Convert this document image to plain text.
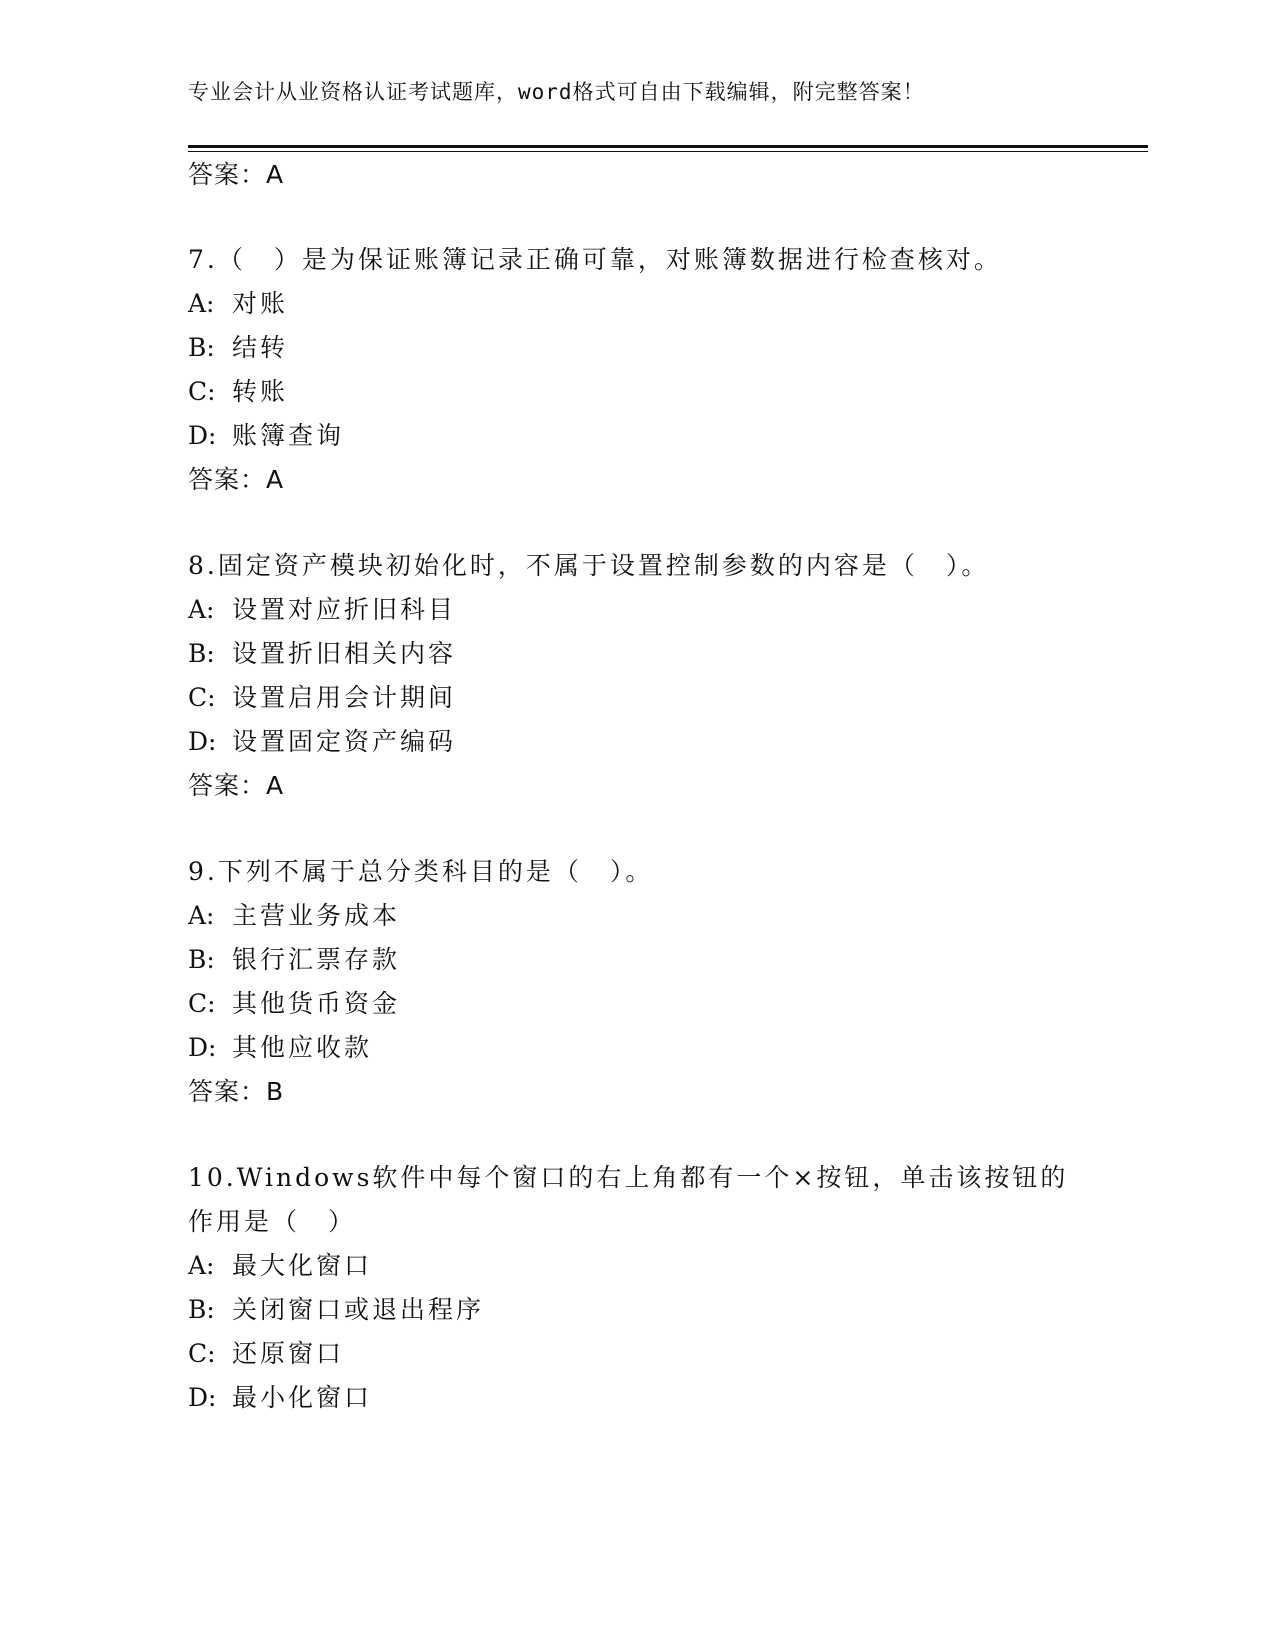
专业会计从业资格认证考试题库，word格式可自由下载编辑，附完整答案！
答案：A
7.（　）是为保证账簿记录正确可靠，对账簿数据进行检查核对。
A: 对账
B: 结转
C: 转账
D: 账簿查询
答案：A
8.固定资产模块初始化时，不属于设置控制参数的内容是（　）。
A: 设置对应折旧科目
B: 设置折旧相关内容
C: 设置启用会计期间
D: 设置固定资产编码
答案：A
9.下列不属于总分类科目的是（　）。
A: 主营业务成本
B: 银行汇票存款
C: 其他货币资金
D: 其他应收款
答案：B
10.Windows软件中每个窗口的右上角都有一个×按钮，单击该按钮的
作用是（　）
A: 最大化窗口
B: 关闭窗口或退出程序
C: 还原窗口
D: 最小化窗口
